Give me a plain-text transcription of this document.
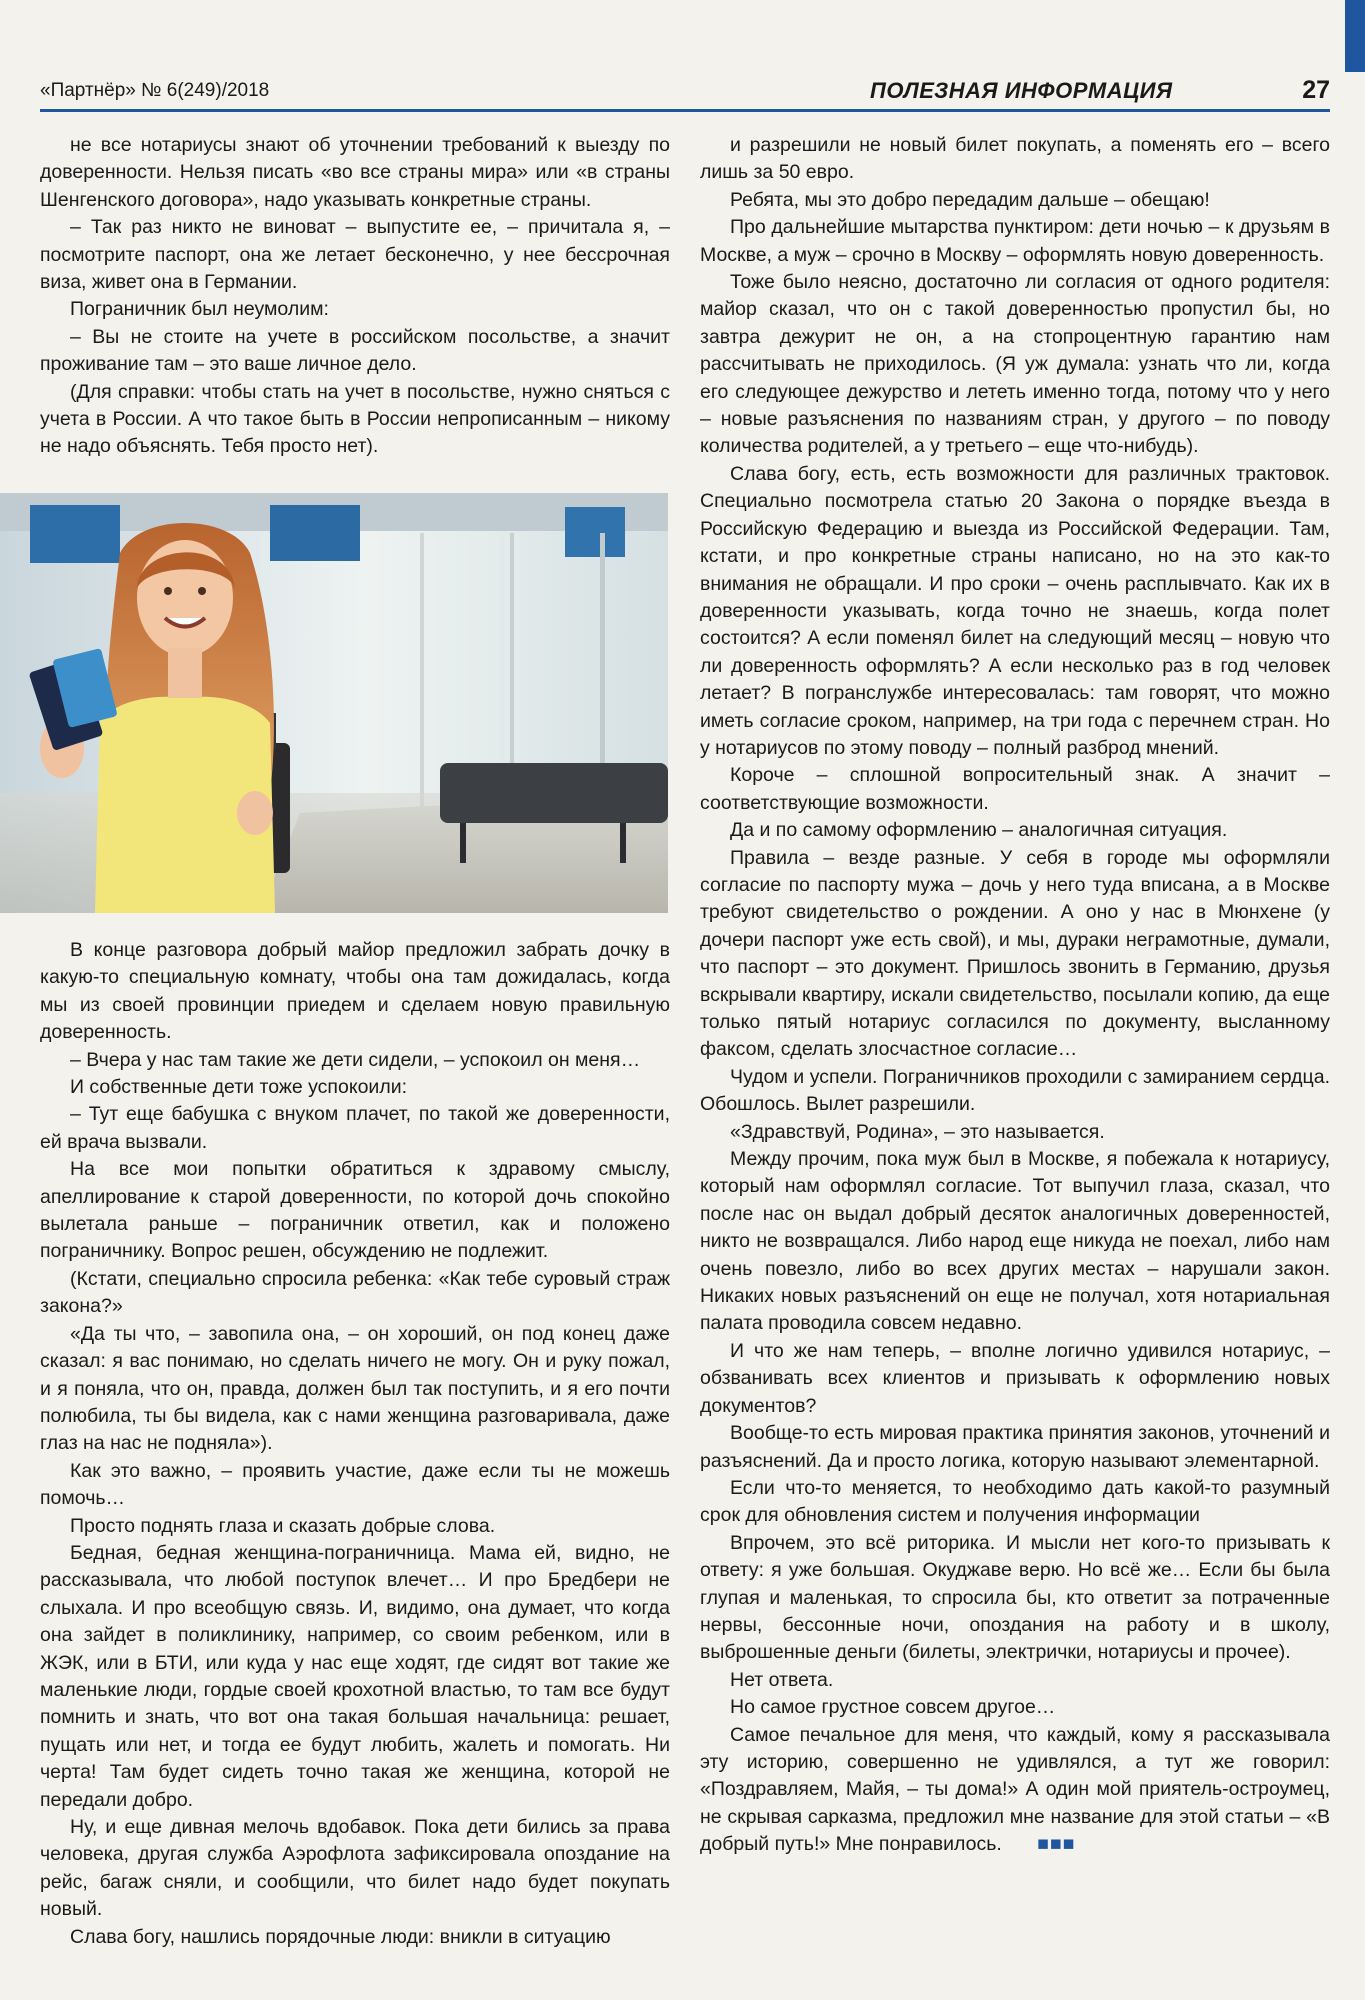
«Партнёр» № 6(249)/2018	ПОЛЕЗНАЯ ИНФОРМАЦИЯ	27

не все нотариусы знают об уточнении требований к выезду по доверенности. Нельзя писать «во все страны мира» или «в страны Шенгенского договора», надо указывать конкретные страны.

– Так раз никто не виноват – выпустите ее, – причитала я, – посмотрите паспорт, она же летает бесконечно, у нее бессрочная виза, живет она в Германии.

Пограничник был неумолим:

– Вы не стоите на учете в российском посольстве, а значит проживание там – это ваше личное дело.

(Для справки: чтобы стать на учет в посольстве, нужно сняться с учета в России. А что такое быть в России непрописанным – никому не надо объяснять. Тебя просто нет).

В конце разговора добрый майор предложил забрать дочку в какую-то специальную комнату, чтобы она там дожидалась, когда мы из своей провинции приедем и сделаем новую правильную доверенность.

– Вчера у нас там такие же дети сидели, – успокоил он меня…

И собственные дети тоже успокоили:

– Тут еще бабушка с внуком плачет, по такой же доверенности, ей врача вызвали.

На все мои попытки обратиться к здравому смыслу, апеллирование к старой доверенности, по которой дочь спокойно вылетала раньше – пограничник ответил, как и положено пограничнику. Вопрос решен, обсуждению не подлежит.

(Кстати, специально спросила ребенка: «Как тебе суровый страж закона?»

«Да ты что, – завопила она, – он хороший, он под конец даже сказал: я вас понимаю, но сделать ничего не могу. Он и руку пожал, и я поняла, что он, правда, должен был так поступить, и я его почти полюбила, ты бы видела, как с нами женщина разговаривала, даже глаз на нас не подняла»).

Как это важно, – проявить участие, даже если ты не можешь помочь…

Просто поднять глаза и сказать добрые слова.

Бедная, бедная женщина-пограничница. Мама ей, видно, не рассказывала, что любой поступок влечет… И про Бредбери не слыхала. И про всеобщую связь. И, видимо, она думает, что когда она зайдет в поликлинику, например, со своим ребенком, или в ЖЭК, или в БТИ, или куда у нас еще ходят, где сидят вот такие же маленькие люди, гордые своей крохотной властью, то там все будут помнить и знать, что вот она такая большая начальница: решает, пущать или нет, и тогда ее будут любить, жалеть и помогать. Ни черта! Там будет сидеть точно такая же женщина, которой не передали добро.

Ну, и еще дивная мелочь вдобавок. Пока дети бились за права человека, другая служба Аэрофлота зафиксировала опоздание на рейс, багаж сняли, и сообщили, что билет надо будет покупать новый.

Слава богу, нашлись порядочные люди: вникли в ситуацию

и разрешили не новый билет покупать, а поменять его – всего лишь за 50 евро.

Ребята, мы это добро передадим дальше – обещаю!

Про дальнейшие мытарства пунктиром: дети ночью – к друзьям в Москве, а муж – срочно в Москву – оформлять новую доверенность.

Тоже было неясно, достаточно ли согласия от одного родителя: майор сказал, что он с такой доверенностью пропустил бы, но завтра дежурит не он, а на стопроцентную гарантию нам рассчитывать не приходилось. (Я уж думала: узнать что ли, когда его следующее дежурство и лететь именно тогда, потому что у него – новые разъяснения по названиям стран, у другого – по поводу количества родителей, а у третьего – еще что-нибудь).

Слава богу, есть, есть возможности для различных трактовок. Специально посмотрела статью 20 Закона о порядке въезда в Российскую Федерацию и выезда из Российской Федерации. Там, кстати, и про конкретные страны написано, но на это как-то внимания не обращали. И про сроки – очень расплывчато. Как их в доверенности указывать, когда точно не знаешь, когда полет состоится? А если поменял билет на следующий месяц – новую что ли доверенность оформлять? А если несколько раз в год человек летает? В погранслужбе интересовалась: там говорят, что можно иметь согласие сроком, например, на три года с перечнем стран. Но у нотариусов по этому поводу – полный разброд мнений.

Короче – сплошной вопросительный знак. А значит – соответствующие возможности.

Да и по самому оформлению – аналогичная ситуация.

Правила – везде разные. У себя в городе мы оформляли согласие по паспорту мужа – дочь у него туда вписана, а в Москве требуют свидетельство о рождении. А оно у нас в Мюнхене (у дочери паспорт уже есть свой), и мы, дураки неграмотные, думали, что паспорт – это документ. Пришлось звонить в Германию, друзья вскрывали квартиру, искали свидетельство, посылали копию, да еще только пятый нотариус согласился по документу, высланному факсом, сделать злосчастное согласие…

Чудом и успели. Пограничников проходили с замиранием сердца. Обошлось. Вылет разрешили.

«Здравствуй, Родина», – это называется.

Между прочим, пока муж был в Москве, я побежала к нотариусу, который нам оформлял согласие. Тот выпучил глаза, сказал, что после нас он выдал добрый десяток аналогичных доверенностей, никто не возвращался. Либо народ еще никуда не поехал, либо нам очень повезло, либо во всех других местах – нарушали закон. Никаких новых разъяснений он еще не получал, хотя нотариальная палата проводила совсем недавно.

И что же нам теперь, – вполне логично удивился нотариус, – обзванивать всех клиентов и призывать к оформлению новых документов?

Вообще-то есть мировая практика принятия законов, уточнений и разъяснений. Да и просто логика, которую называют элементарной.

Если что-то меняется, то необходимо дать какой-то разумный срок для обновления систем и получения информации

Впрочем, это всё риторика. И мысли нет кого-то призывать к ответу: я уже большая. Окуджаве верю. Но всё же… Если бы была глупая и маленькая, то спросила бы, кто ответит за потраченные нервы, бессонные ночи, опоздания на работу и в школу, выброшенные деньги (билеты, электрички, нотариусы и прочее).

Нет ответа.

Но самое грустное совсем другое…

Самое печальное для меня, что каждый, кому я рассказывала эту историю, совершенно не удивлялся, а тут же говорил: «Поздравляем, Майя, – ты дома!» А один мой приятель-остроумец, не скрывая сарказма, предложил мне название для этой статьи – «В добрый путь!» Мне понравилось. ■■■
